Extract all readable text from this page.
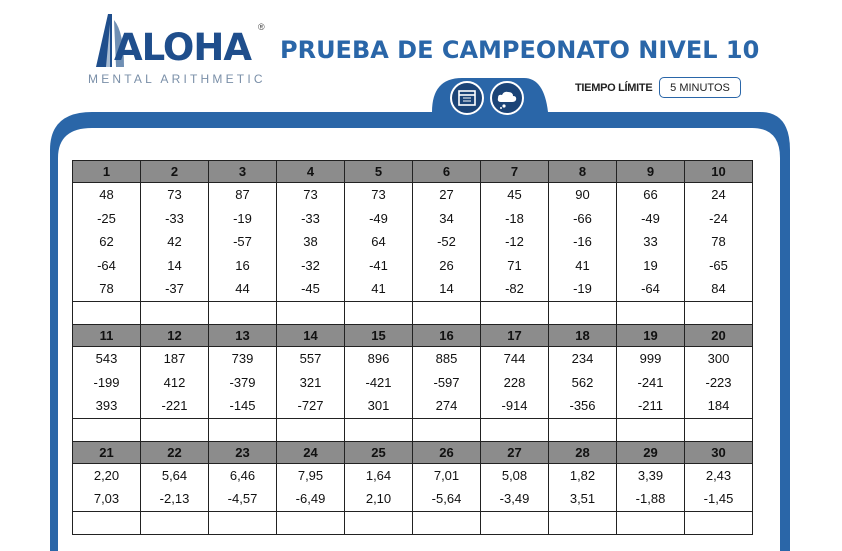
ALOHA ®
MENTAL ARITHMETIC
PRUEBA DE CAMPEONATO NIVEL 10
TIEMPO LÍMITE	5 MINUTOS
1	2	3	4	5	6	7	8	9	10
48	73	87	73	73	27	45	90	66	24
-25	-33	-19	-33	-49	34	-18	-66	-49	-24
62	42	-57	38	64	-52	-12	-16	33	78
-64	14	16	-32	-41	26	71	41	19	-65
78	-37	44	-45	41	14	-82	-19	-64	84

11	12	13	14	15	16	17	18	19	20
543	187	739	557	896	885	744	234	999	300
-199	412	-379	321	-421	-597	228	562	-241	-223
393	-221	-145	-727	301	274	-914	-356	-211	184

21	22	23	24	25	26	27	28	29	30
2,20	5,64	6,46	7,95	1,64	7,01	5,08	1,82	3,39	2,43
7,03	-2,13	-4,57	-6,49	2,10	-5,64	-3,49	3,51	-1,88	-1,45
